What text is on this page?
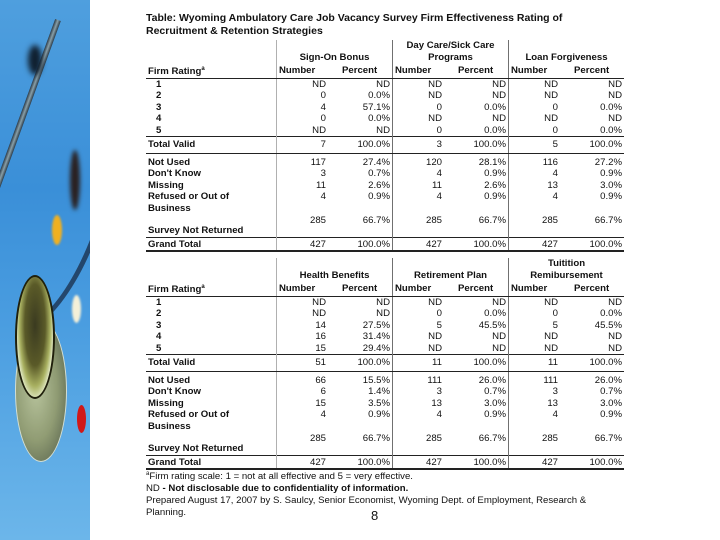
Table: Wyoming Ambulatory Care Job Vacancy Survey Firm Effectiveness Rating of Recruitment & Retention Strategies
	Sign-On Bonus		Day Care/Sick Care Programs		Loan Forgiveness	
Firm Rating$^a$	Number	Percent	Number	Percent	Number	Percent
1	ND	ND	ND	ND	ND	ND
2	0	0.0%	ND	ND	ND	ND
3	4	57.1%	0	0.0%	0	0.0%
4	0	0.0%	ND	ND	ND	ND
5	ND	ND	0	0.0%	0	0.0%
Total Valid	7	100.0%	3	100.0%	5	100.0%
Not Used	117	27.4%	120	28.1%	116	27.2%
Don't Know	3	0.7%	4	0.9%	4	0.9%
Missing	11	2.6%	11	2.6%	13	3.0%
Refused or Out of Business	4	0.9%	4	0.9%	4	0.9%
Survey Not Returned	285	66.7%	285	66.7%	285	66.7%
Grand Total	427	100.0%	427	100.0%	427	100.0%
	Health Benefits		Retirement Plan		Tuitition Remibursement	
Firm Rating$^a$	Number	Percent	Number	Percent	Number	Percent
1	ND	ND	ND	ND	ND	ND
2	ND	ND	0	0.0%	0	0.0%
3	14	27.5%	5	45.5%	5	45.5%
4	16	31.4%	ND	ND	ND	ND
5	15	29.4%	ND	ND	ND	ND
Total Valid	51	100.0%	11	100.0%	11	100.0%
Not Used	66	15.5%	111	26.0%	111	26.0%
Don't Know	6	1.4%	3	0.7%	3	0.7%
Missing	15	3.5%	13	3.0%	13	3.0%
Refused or Out of Business	4	0.9%	4	0.9%	4	0.9%
Survey Not Returned	285	66.7%	285	66.7%	285	66.7%
Grand Total	427	100.0%	427	100.0%	427	100.0%
$^a$Firm rating scale: 1 = not at all effective and 5 = very effective.
ND - Not disclosable due to confidentiality of information.
Prepared August 17, 2007 by S. Saulcy, Senior Economist, Wyoming Dept. of Employment, Research & Planning.	8
